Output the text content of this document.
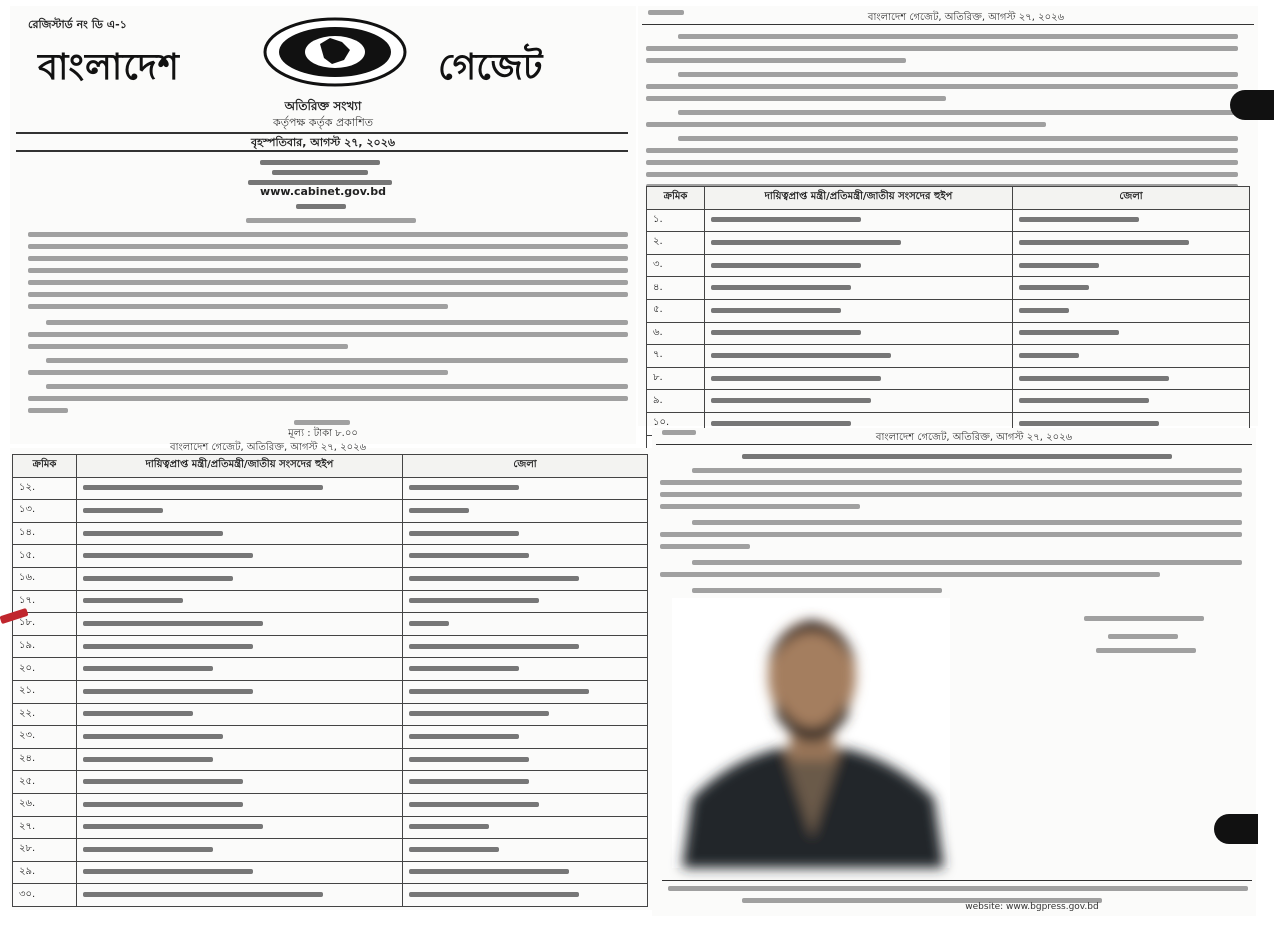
রেজিস্টার্ড নং ডি এ-১
বাংলাদেশ	গেজেট
অতিরিক্ত সংখ্যা
কর্তৃপক্ষ কর্তৃক প্রকাশিত
বৃহস্পতিবার, আগস্ট ২৭, ২০২৬
www.cabinet.gov.bd
মূল্য : টাকা ৮.০০
বাংলাদেশ গেজেট, অতিরিক্ত, আগস্ট ২৭, ২০২৬
ক্রমিক	দায়িত্বপ্রাপ্ত মন্ত্রী/প্রতিমন্ত্রী/জাতীয় সংসদের হুইপ	জেলা
১.		
২.		
৩.		
৪.		
৫.		
৬.		
৭.		
৮.		
৯.		
১০.		

বাংলাদেশ গেজেট, অতিরিক্ত, আগস্ট ২৭, ২০২৬
ক্রমিক	দায়িত্বপ্রাপ্ত মন্ত্রী/প্রতিমন্ত্রী/জাতীয় সংসদের হুইপ	জেলা
১২.		
১৩.		
১৪.		
১৫.		
১৬.		
১৭.		
১৮.		
১৯.		
২০.		
২১.		
২২.		
২৩.		
২৪.		
২৫.		
২৬.		
২৭.		
২৮.		
২৯.		
৩০.		
বাংলাদেশ গেজেট, অতিরিক্ত, আগস্ট ২৭, ২০২৬
website: www.bgpress.gov.bd
